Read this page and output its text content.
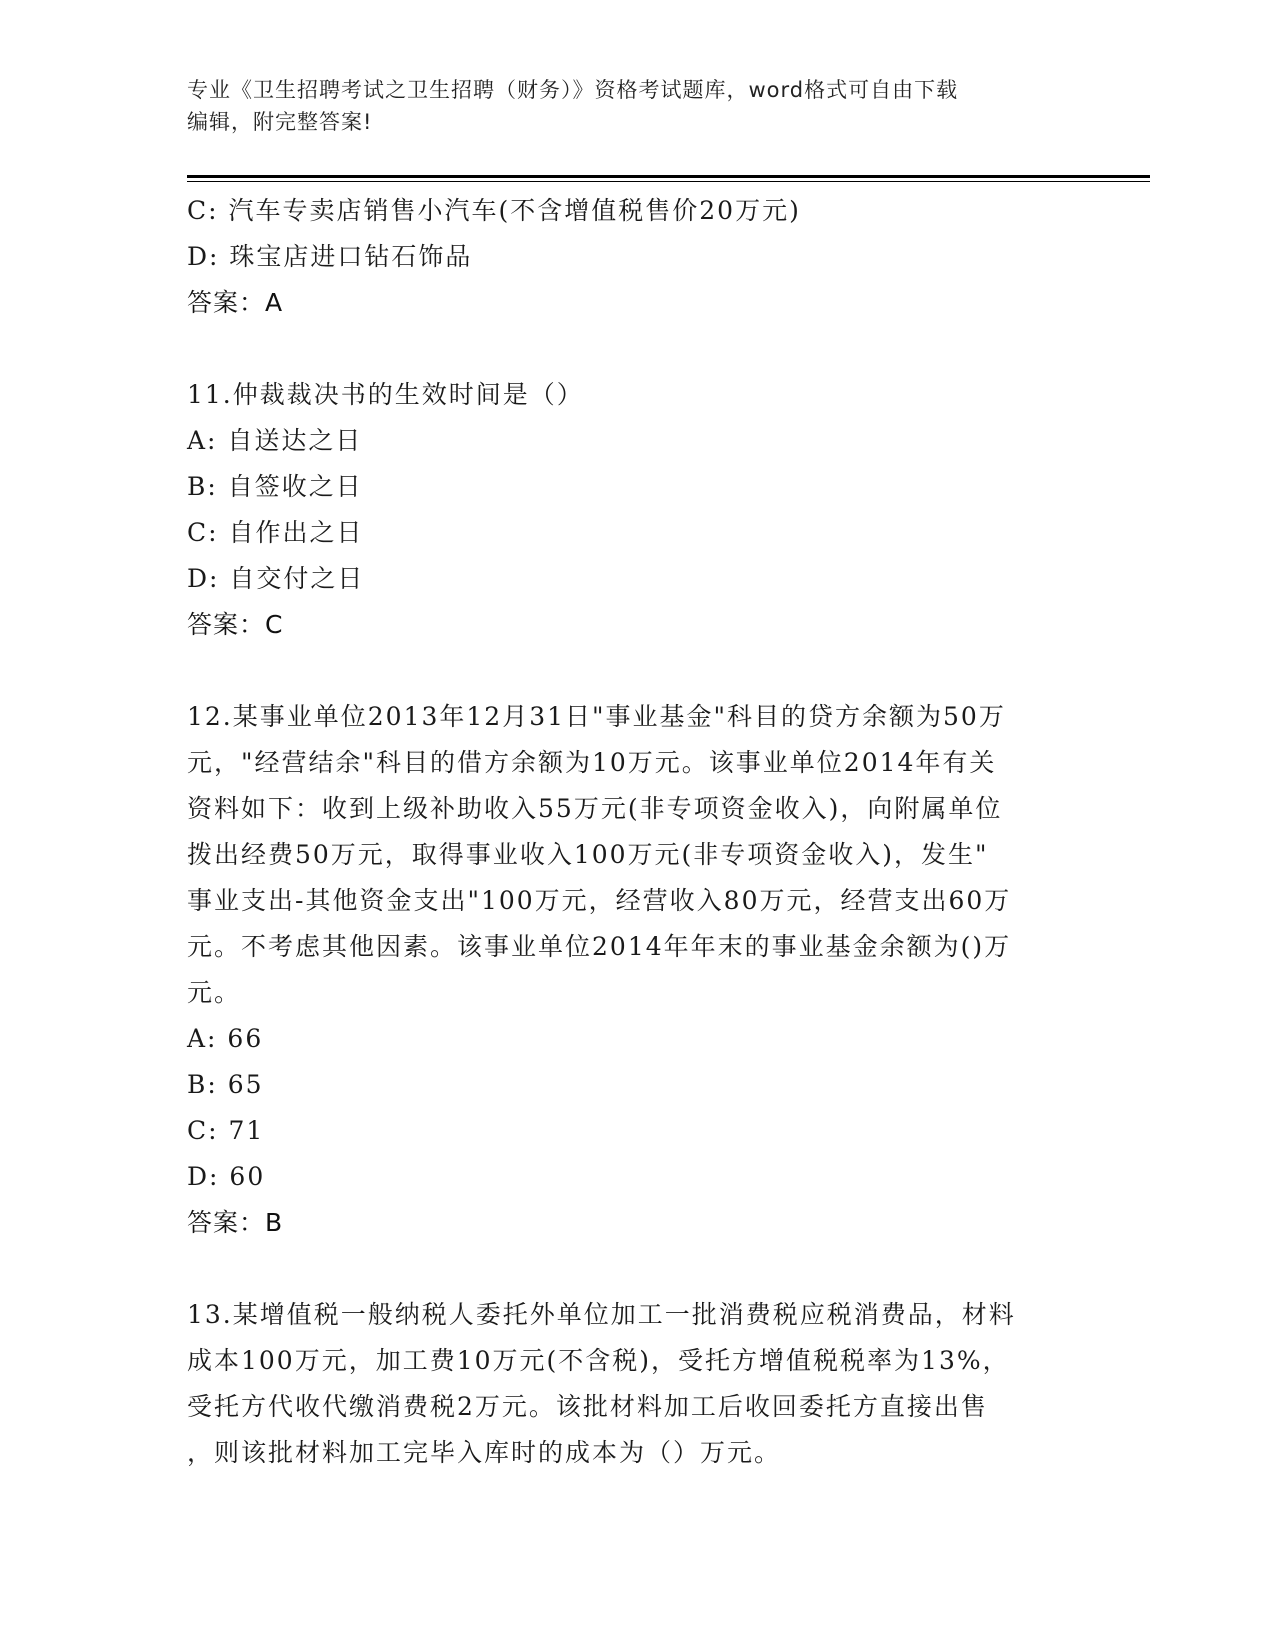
专业《卫生招聘考试之卫生招聘（财务）》资格考试题库，word格式可自由下载
编辑，附完整答案!
C: 汽车专卖店销售小汽车(不含增值税售价20万元)
D: 珠宝店进口钻石饰品
答案：A
11.仲裁裁决书的生效时间是（）
A: 自送达之日
B: 自签收之日
C: 自作出之日
D: 自交付之日
答案：C
12.某事业单位2013年12月31日"事业基金"科目的贷方余额为50万
元，"经营结余"科目的借方余额为10万元。该事业单位2014年有关
资料如下：收到上级补助收入55万元(非专项资金收入)，向附属单位
拨出经费50万元，取得事业收入100万元(非专项资金收入)，发生"
事业支出-其他资金支出"100万元，经营收入80万元，经营支出60万
元。不考虑其他因素。该事业单位2014年年末的事业基金余额为()万
元。
A: 66
B: 65
C: 71
D: 60
答案：B
13.某增值税一般纳税人委托外单位加工一批消费税应税消费品，材料
成本100万元，加工费10万元(不含税)，受托方增值税税率为13%，
受托方代收代缴消费税2万元。该批材料加工后收回委托方直接出售
，则该批材料加工完毕入库时的成本为（）万元。
